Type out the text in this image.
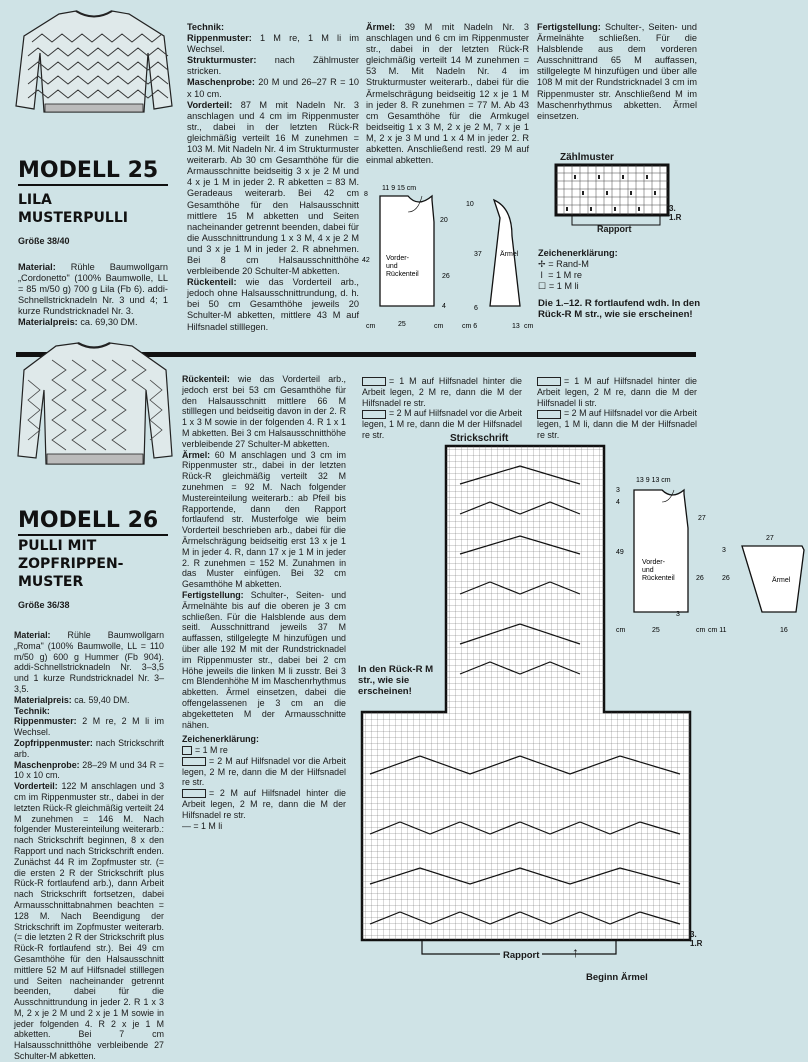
MODELL 25
LILA
MUSTERPULLI
Größe 38/40

Material: Rühle Baumwollgarn „Cordonetto" (100% Baumwolle, LL = 85 m/50 g) 700 g Lila (Fb 6). addi-Schnellstricknadeln Nr. 3 und 4; 1 kurze Rundstricknadel Nr. 3.

Materialpreis: ca. 69,30 DM.

Technik:

Rippenmuster: 1 M re, 1 M li im Wechsel.

Strukturmuster: nach Zählmuster stricken.

Maschenprobe: 20 M und 26–27 R = 10 x 10 cm.

Vorderteil: 87 M mit Nadeln Nr. 3 anschlagen und 4 cm im Rippenmuster str., dabei in der letzten Rück-R gleichmäßig verteilt 16 M zunehmen = 103 M. Mit Nadeln Nr. 4 im Strukturmuster weiterarb. Ab 30 cm Gesamthöhe für die Armausschnitte beidseitig 3 x je 2 M und 4 x je 1 M in jeder 2. R abketten = 83 M. Geradeaus weiterarb. Bei 42 cm Gesamthöhe für den Halsausschnitt mittlere 15 M abketten und Seiten nacheinander getrennt beenden, dabei für die Ausschnittrundung 1 x 3 M, 4 x je 2 M und 3 x je 1 M in jeder 2. R abnehmen. Bei 8 cm Halsausschnitthöhe verbleibende 20 Schulter-M abketten.

Rückenteil: wie das Vorderteil arb., jedoch ohne Halsausschnittrundung, d. h. bei 50 cm Gesamthöhe jeweils 20 Schulter-M abketten, mittlere 43 M auf Hilfsnadel stilllegen.

Ärmel: 39 M mit Nadeln Nr. 3 anschlagen und 6 cm im Rippenmuster str., dabei in der letzten Rück-R gleichmäßig verteilt 14 M zunehmen = 53 M. Mit Nadeln Nr. 4 im Strukturmuster weiterarb., dabei für die Ärmelschrägung beidseitig 12 x je 1 M in jeder 8. R zunehmen = 77 M. Ab 43 cm Gesamthöhe für die Armkugel beidseitig 1 x 3 M, 2 x je 2 M, 7 x je 1 M, 2 x je 3 M und 1 x 4 M in jeder 2. R abketten. Anschließend restl. 29 M auf einmal abketten.

Fertigstellung: Schulter-, Seiten- und Ärmelnähte schließen. Für die Halsblende aus dem vorderen Ausschnittrand 65 M auffassen, stillgelegte M hinzufügen und über alle 108 M mit der Rundstricknadel 3 cm im Rippenmuster str. Anschließend M im Maschenrhythmus abketten. Ärmel einsetzen.

Zählmuster
Rapport
3.
1.R

Zeichenerklärung:

✢ = Rand-M

ǀ  = 1 M re

☐ = 1 M li

Die 1.–12. R fortlaufend wdh. In den Rück-R M str., wie sie erscheinen!
Vorder-
und
Rückenteil
42
26
20
8
25
cm	cm
11 9 15 cm
Ärmel
10
37
6
13
cm 6	cm
4
MODELL 26
PULLI MIT
ZOPFRIPPEN-
MUSTER
Größe 36/38

Material: Rühle Baumwollgarn „Roma" (100% Baumwolle, LL = 110 m/50 g) 600 g Hummer (Fb 904). addi-Schnellstricknadeln Nr. 3–3,5 und 1 kurze Rundstricknadel Nr. 3–3,5.

Materialpreis: ca. 59,40 DM.

Technik:

Rippenmuster: 2 M re, 2 M li im Wechsel.

Zopfrippenmuster: nach Strickschrift arb.

Maschenprobe: 28–29 M und 34 R = 10 x 10 cm.

Vorderteil: 122 M anschlagen und 3 cm im Rippenmuster str., dabei in der letzten Rück-R gleichmäßig verteilt 24 M zunehmen = 146 M. Nach folgender Mustereinteilung weiterarb.: nach Strickschrift beginnen, 8 x den Rapport und nach Strickschrift enden. Zunächst 44 R im Zopfmuster str. (= die ersten 2 R der Strickschrift plus Rück-R fortlaufend arb.), dann Arbeit nach Strickschrift fortsetzen, dabei Armausschnittabnahmen beachten = 128 M. Nach Beendigung der Strickschrift im Zopfmuster weiterarb. (= die letzten 2 R der Strickschrift plus Rück-R fortlaufend str.). Bei 49 cm Gesamthöhe für den Halsausschnitt mittlere 52 M auf Hilfsnadel stilllegen und Seiten nacheinander getrennt beenden, dabei für die Ausschnittrundung in jeder 2. R 1 x 3 M, 2 x je 2 M und 2 x je 1 M sowie in jeder folgenden 4. R 2 x je 1 M abketten. Bei 7 cm Halsausschnitthöhe verbleibende 27 Schulter-M abketten.

Rückenteil: wie das Vorderteil arb., jedoch erst bei 53 cm Gesamthöhe für den Halsausschnitt mittlere 66 M stilllegen und beidseitig davon in der 2. R 1 x 3 M sowie in der folgenden 4. R 1 x 1 M abketten. Bei 3 cm Halsausschnitthöhe verbleibende 27 Schulter-M abketten.

Ärmel: 60 M anschlagen und 3 cm im Rippenmuster str., dabei in der letzten Rück-R gleichmäßig verteilt 32 M zunehmen = 92 M. Nach folgender Mustereinteilung weiterarb.: ab Pfeil bis Rapportende, dann den Rapport fortlaufend str. Musterfolge wie beim Vorderteil beschrieben arb., dabei für die Ärmelschrägung beidseitig erst 13 x je 1 M in jeder 4. R, dann 17 x je 1 M in jeder 2. R zunehmen = 152 M. Zunahmen in das Muster einfügen. Bei 32 cm Gesamthöhe M abketten.

Fertigstellung: Schulter-, Seiten- und Ärmelnähte bis auf die oberen je 3 cm schließen. Für die Halsblende aus dem seitl. Ausschnittrand jeweils 37 M auffassen, stillgelegte M hinzufügen und über alle 192 M mit der Rundstricknadel im Rippenmuster str., dabei bei 2 cm Höhe jeweils die linken M li zusstr. Bei 3 cm Blendenhöhe M im Maschenrhythmus abketten. Ärmel einsetzen, dabei die offengelassenen je 3 cm an die abgeketteten M der Armausschnitte nähen.

Zeichenerklärung:

= 1 M re

= 2 M auf Hilfsnadel vor die Arbeit legen, 2 M re, dann die M der Hilfsnadel re str.

= 2 M auf Hilfsnadel hinter die Arbeit legen, 2 M re, dann die M der Hilfsnadel re str.

— = 1 M li

= 1 M auf Hilfsnadel hinter die Arbeit legen, 2 M re, dann die M der Hilfsnadel re str.

= 2 M auf Hilfsnadel vor die Arbeit legen, 1 M re, dann die M der Hilfsnadel re str.

= 1 M auf Hilfsnadel hinter die Arbeit legen, 2 M re, dann die M der Hilfsnadel li str.

= 2 M auf Hilfsnadel vor die Arbeit legen, 1 M li, dann die M der Hilfsnadel re str.

Strickschrift
In den Rück-R M str., wie sie erscheinen!
Rapport ↑
Beginn Ärmel
3.
1.R
Vorder-
und
Rückenteil
49
26
27
3
4
25
cm	cm
13 9 13 cm
3
Ärmel
27
3
26
cm 11	16
